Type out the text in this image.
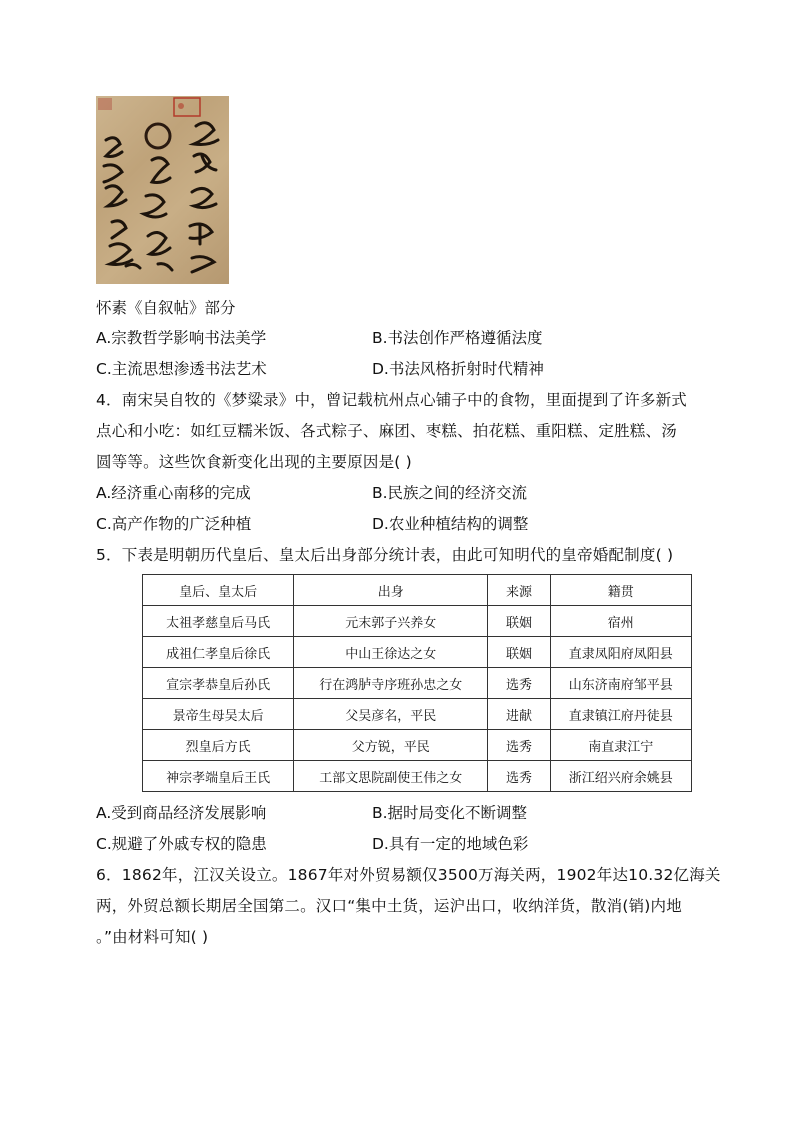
怀素《自叙帖》部分
A.宗教哲学影响书法美学	B.书法创作严格遵循法度
C.主流思想渗透书法艺术	D.书法风格折射时代精神
4．南宋吴自牧的《梦粱录》中，曾记载杭州点心铺子中的食物，里面提到了许多新式
点心和小吃：如红豆糯米饭、各式粽子、麻团、枣糕、拍花糕、重阳糕、定胜糕、汤
圆等等。这些饮食新变化出现的主要原因是( )
A.经济重心南移的完成	B.民族之间的经济交流
C.高产作物的广泛种植	D.农业种植结构的调整
5．下表是明朝历代皇后、皇太后出身部分统计表，由此可知明代的皇帝婚配制度( )
皇后、皇太后	出身	来源	籍贯
太祖孝慈皇后马氏	元末郭子兴养女	联姻	宿州
成祖仁孝皇后徐氏	中山王徐达之女	联姻	直隶凤阳府凤阳县
宣宗孝恭皇后孙氏	行在鸿胪寺序班孙忠之女	选秀	山东济南府邹平县
景帝生母吴太后	父吴彦名，平民	进献	直隶镇江府丹徒县
烈皇后方氏	父方锐，平民	选秀	南直隶江宁
神宗孝端皇后王氏	工部文思院副使王伟之女	选秀	浙江绍兴府余姚县
A.受到商品经济发展影响	B.据时局变化不断调整
C.规避了外戚专权的隐患	D.具有一定的地域色彩
6．1862年，江汉关设立。1867年对外贸易额仅3500万海关两，1902年达10.32亿海关
两，外贸总额长期居全国第二。汉口“集中土货，运沪出口，收纳洋货，散消(销)内地
。”由材料可知( )
